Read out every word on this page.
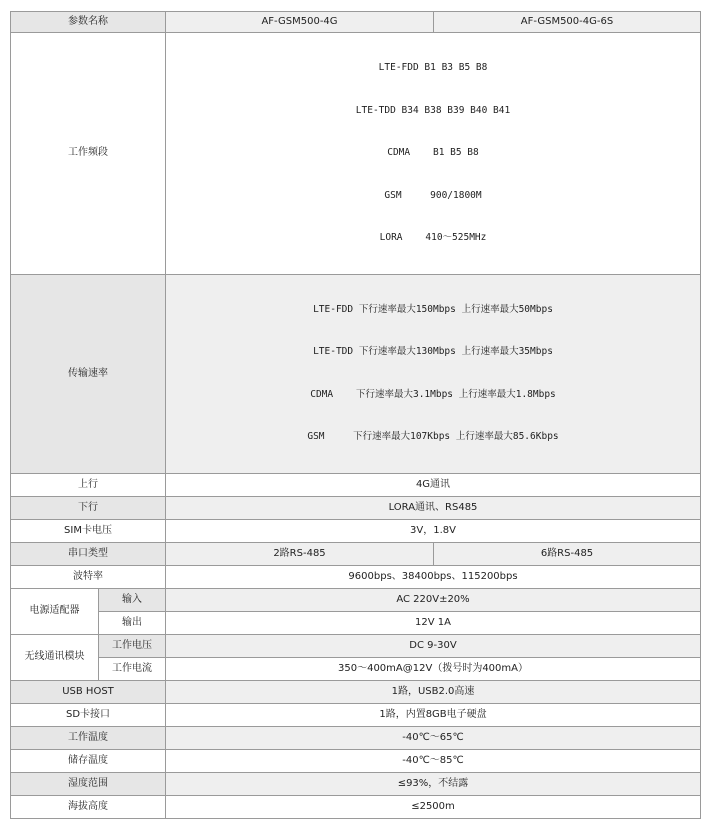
参数名称		AF-GSM500-4G	AF-GSM500-4G-6S
工作频段		LTE-FDD B1 B3 B5 B8

LTE-TDD B34 B38 B39 B40 B41

CDMA    B1 B5 B8

GSM     900/1800M

LORA    410～525MHz	

传输速率		LTE-FDD 下行速率最大150Mbps 上行速率最大50Mbps

LTE-TDD 下行速率最大130Mbps 上行速率最大35Mbps

CDMA    下行速率最大3.1Mbps 上行速率最大1.8Mbps

GSM     下行速率最大107Kbps 上行速率最大85.6Kbps	

上行		4G通讯	
下行		LORA通讯、RS485	
SIM卡电压		3V，1.8V	
串口类型		2路RS-485	6路RS-485
波特率		9600bps、38400bps、115200bps	
电源适配器	输入	AC 220V±20%	
	输出	12V 1A	
无线通讯模块	工作电压	DC 9-30V	
	工作电流	350～400mA@12V（拨号时为400mA）	
USB HOST		1路，USB2.0高速	
SD卡接口		1路，内置8GB电子硬盘	
工作温度		-40℃～65℃	
储存温度		-40℃～85℃	
湿度范围		≤93%，不结露	
海拔高度		≤2500m	
